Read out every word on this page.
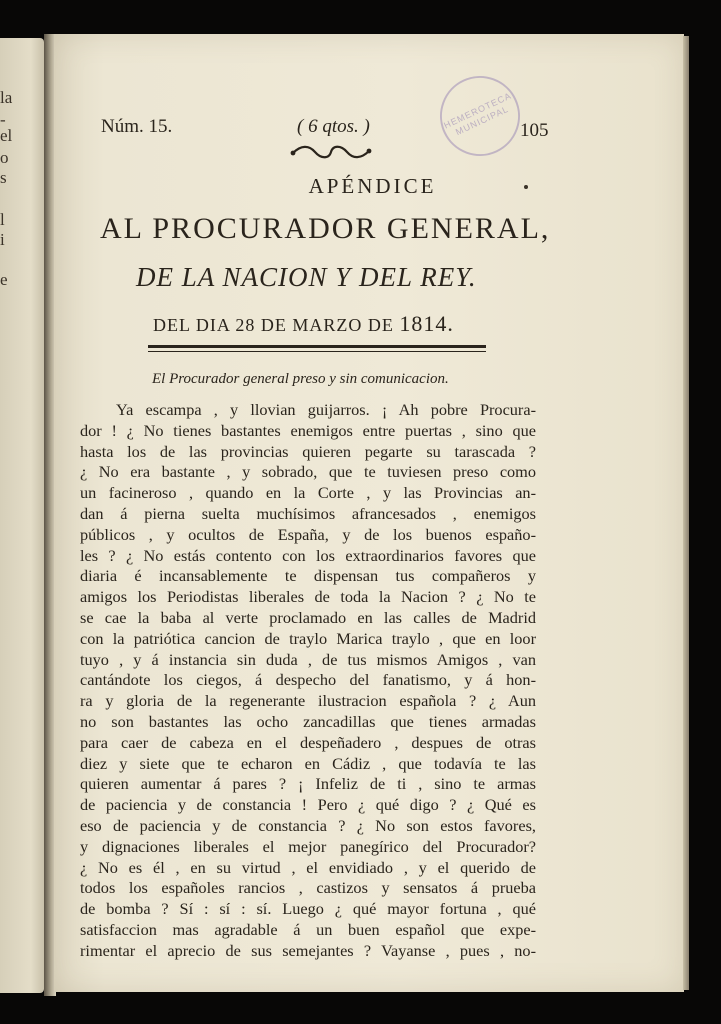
la
-
el
o
s
l
i
e
HEMEROTECA MUNICIPAL
Núm. 15.	( 6 qtos. )	105
APÉNDICE
AL PROCURADOR GENERAL,
DE LA NACION Y DEL REY.
DEL DIA 28 DE MARZO DE 1814.
El Procurador general preso y sin comunicacion.
Ya escampa , y llovian guijarros. ¡ Ah pobre Procura-
dor ! ¿ No tienes bastantes enemigos entre puertas , sino que
hasta los de las provincias quieren pegarte su tarascada ?
¿ No era bastante , y sobrado, que te tuviesen preso como
un facineroso , quando en la Corte , y las Provincias an-
dan á pierna suelta muchísimos afrancesados , enemigos
públicos , y ocultos de España, y de los buenos españo-
les ? ¿ No estás contento con los extraordinarios favores que
diaria é incansablemente te dispensan tus compañeros y
amigos los Periodistas liberales de toda la Nacion ? ¿ No te
se cae la baba al verte proclamado en las calles de Madrid
con la patriótica cancion de traylo Marica traylo , que en loor
tuyo , y á instancia sin duda , de tus mismos Amigos , van
cantándote los ciegos, á despecho del fanatismo, y á hon-
ra y gloria de la regenerante ilustracion española ? ¿ Aun
no son bastantes las ocho zancadillas que tienes armadas
para caer de cabeza en el despeñadero , despues de otras
diez y siete que te echaron en Cádiz , que todavía te las
quieren aumentar á pares ? ¡ Infeliz de ti , sino te armas
de paciencia y de constancia ! Pero ¿ qué digo ? ¿ Qué es
eso de paciencia y de constancia ? ¿ No son estos favores,
y dignaciones liberales el mejor panegírico del Procurador?
¿ No es él , en su virtud , el envidiado , y el querido de
todos los españoles rancios , castizos y sensatos á prueba
de bomba ? Sí : sí : sí. Luego ¿ qué mayor fortuna , qué
satisfaccion mas agradable á un buen español que expe-
rimentar el aprecio de sus semejantes ? Vayanse , pues , no-
